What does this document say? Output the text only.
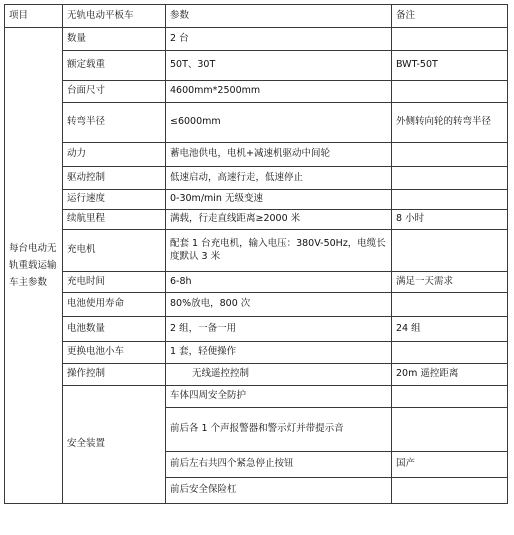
项目	无轨电动平板车	参数	备注
每台电动无
轨重载运输
车主参数	数量	2 台	
	额定载重	50T、30T	BWT-50T
	台面尺寸	4600mm*2500mm	
	转弯半径	≤6000mm	外侧转向轮的转弯半径
	动力	蓄电池供电，电机+减速机驱动中间轮	
	驱动控制	低速启动，高速行走，低速停止	
	运行速度	0-30m/min 无级变速	
	续航里程	满载，行走直线距离≥2000 米	8 小时
	充电机	配套 1 台充电机，输入电压：380V-50Hz，电缆长度默认 3 米	
	充电时间	6-8h	满足一天需求
	电池使用寿命	80%放电，800 次	
	电池数量	2 组，一备一用	24 组
	更换电池小车	1 套，轻便操作	
	操作控制	无线遥控控制	20m 遥控距离
	安全装置	车体四周安全防护	
		前后各 1 个声报警器和警示灯并带提示音	
		前后左右共四个紧急停止按钮	国产
		前后安全保险杠	
